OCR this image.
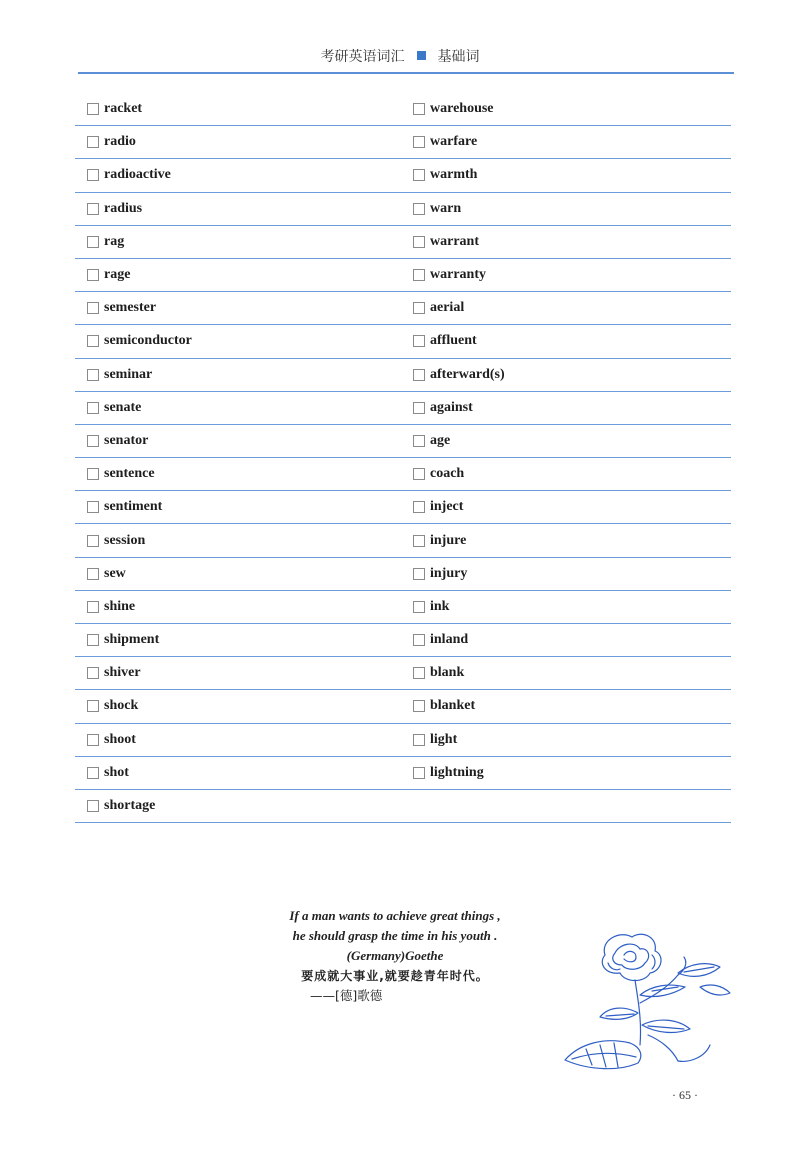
考研英语词汇 基础词
racket	warehouse
radio	warfare
radioactive	warmth
radius	warn
rag	warrant
rage	warranty
semester	aerial
semiconductor	affluent
seminar	afterward(s)
senate	against
senator	age
sentence	coach
sentiment	inject
session	injure
sew	injury
shine	ink
shipment	inland
shiver	blank
shock	blanket
shoot	light
shot	lightning
shortage
If a man wants to achieve great things ,
he should grasp the time in his youth .
(Germany)Goethe
要成就大事业,就要趁青年时代。
——[德]歌德
· 65 ·
